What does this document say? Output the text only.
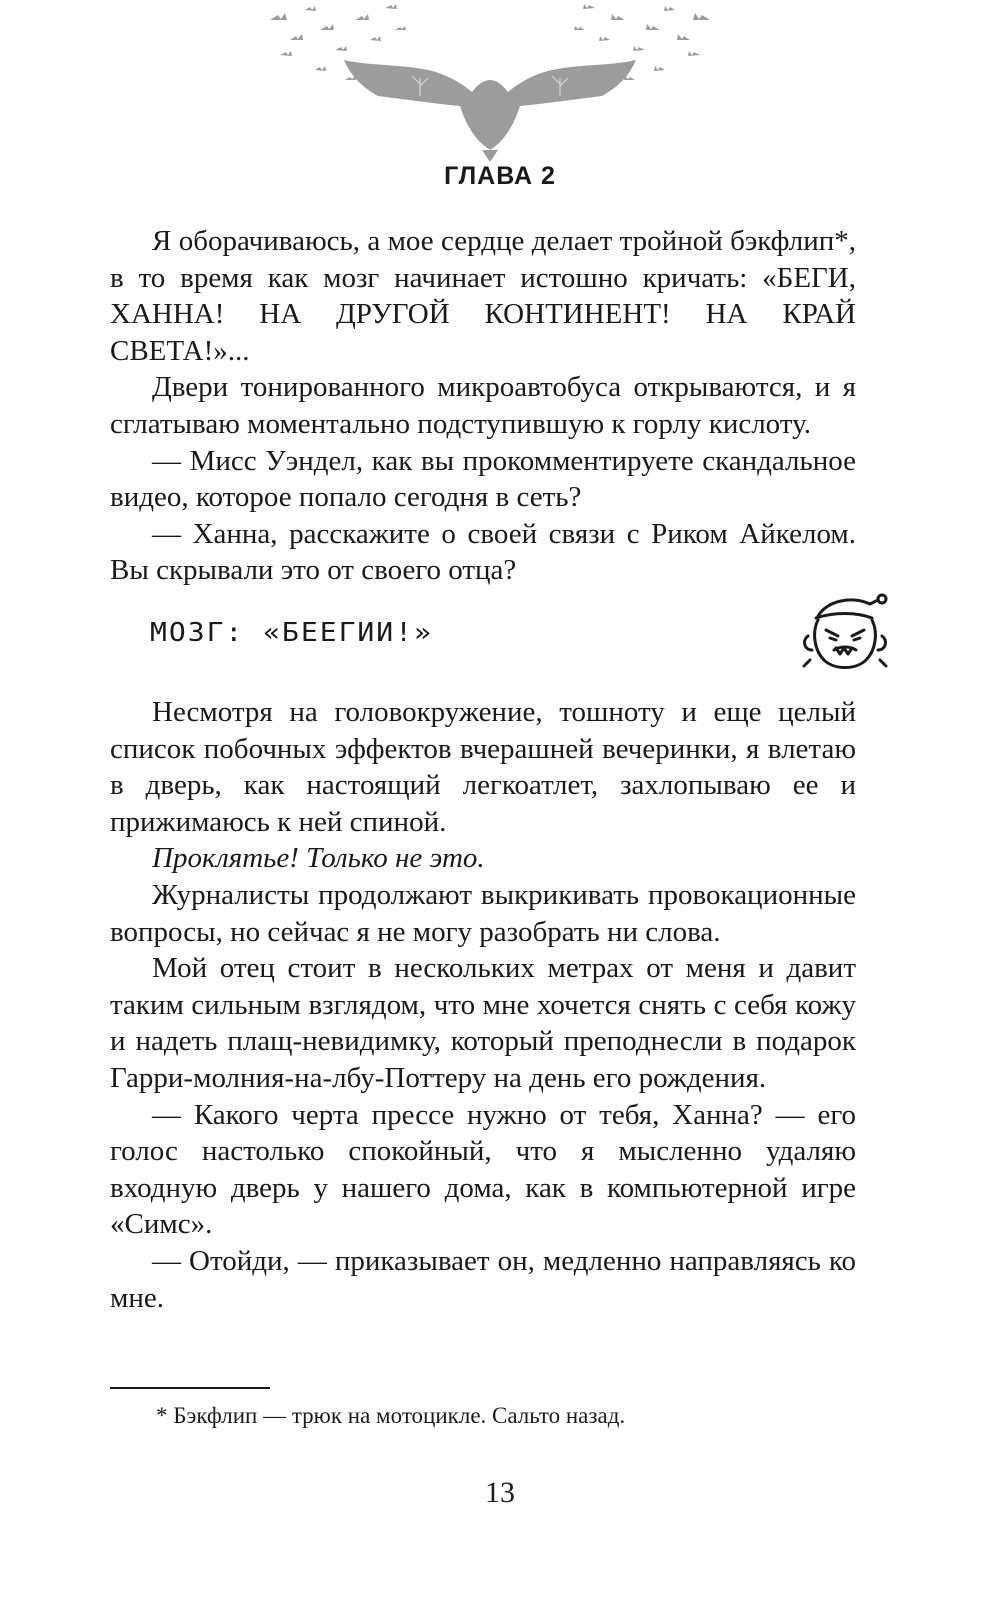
ГЛАВА 2

Я оборачиваюсь, а мое сердце делает тройной бэкфлип*, в то время как мозг начинает истошно кричать: «БЕГИ, ХАННА! НА ДРУГОЙ КОНТИНЕНТ! НА КРАЙ СВЕТА!»...

Двери тонированного микроавтобуса открываются, и я сглатываю моментально подступившую к горлу кислоту.

— Мисс Уэндел, как вы прокомментируете скандальное видео, которое попало сегодня в сеть?

— Ханна, расскажите о своей связи с Риком Айкелом. Вы скрывали это от своего отца?

МОЗГ: «БЕЕГИИ!»

Несмотря на головокружение, тошноту и еще целый список побочных эффектов вчерашней вечеринки, я влетаю в дверь, как настоящий легкоатлет, захлопываю ее и прижимаюсь к ней спиной.

Проклятье! Только не это.

Журналисты продолжают выкрикивать провокационные вопросы, но сейчас я не могу разобрать ни слова.

Мой отец стоит в нескольких метрах от меня и давит таким сильным взглядом, что мне хочется снять с себя кожу и надеть плащ-невидимку, который преподнесли в подарок Гарри-молния-на-лбу-Поттеру на день его рождения.

— Какого черта прессе нужно от тебя, Ханна? — его голос настолько спокойный, что я мысленно удаляю входную дверь у нашего дома, как в компьютерной игре «Симс».

— Отойди, — приказывает он, медленно направляясь ко мне.

* Бэкфлип — трюк на мотоцикле. Сальто назад.
13
